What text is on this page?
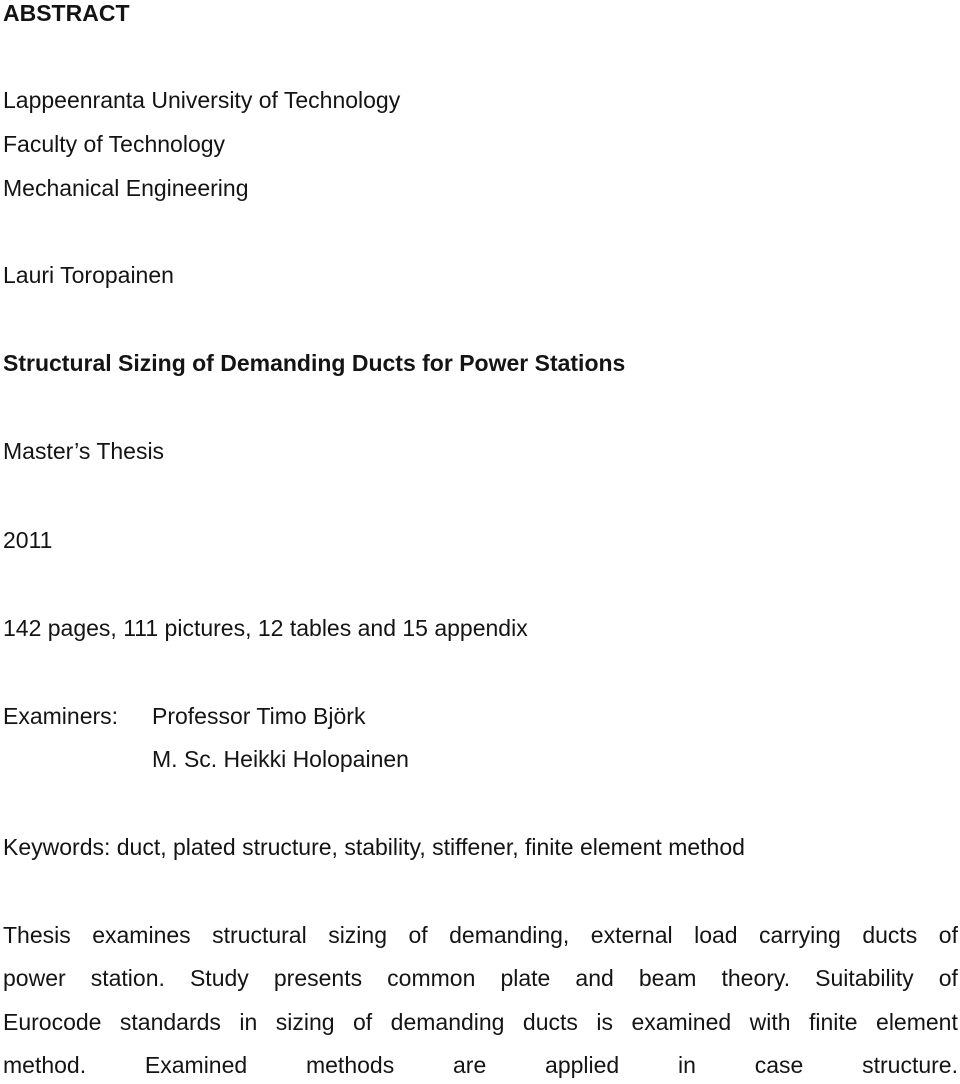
ABSTRACT
Lappeenranta University of Technology
Faculty of Technology
Mechanical Engineering
Lauri Toropainen
Structural Sizing of Demanding Ducts for Power Stations
Master’s Thesis
2011
142 pages, 111 pictures, 12 tables and 15 appendix
Examiners: Professor Timo Björk
M. Sc. Heikki Holopainen
Keywords: duct, plated structure, stability, stiffener, finite element method
Thesis examines structural sizing of demanding, external load carrying ducts of
power station. Study presents common plate and beam theory. Suitability of
Eurocode standards in sizing of demanding ducts is examined with finite element
method.	Examined	methods	are	applied	in	case	structure.
